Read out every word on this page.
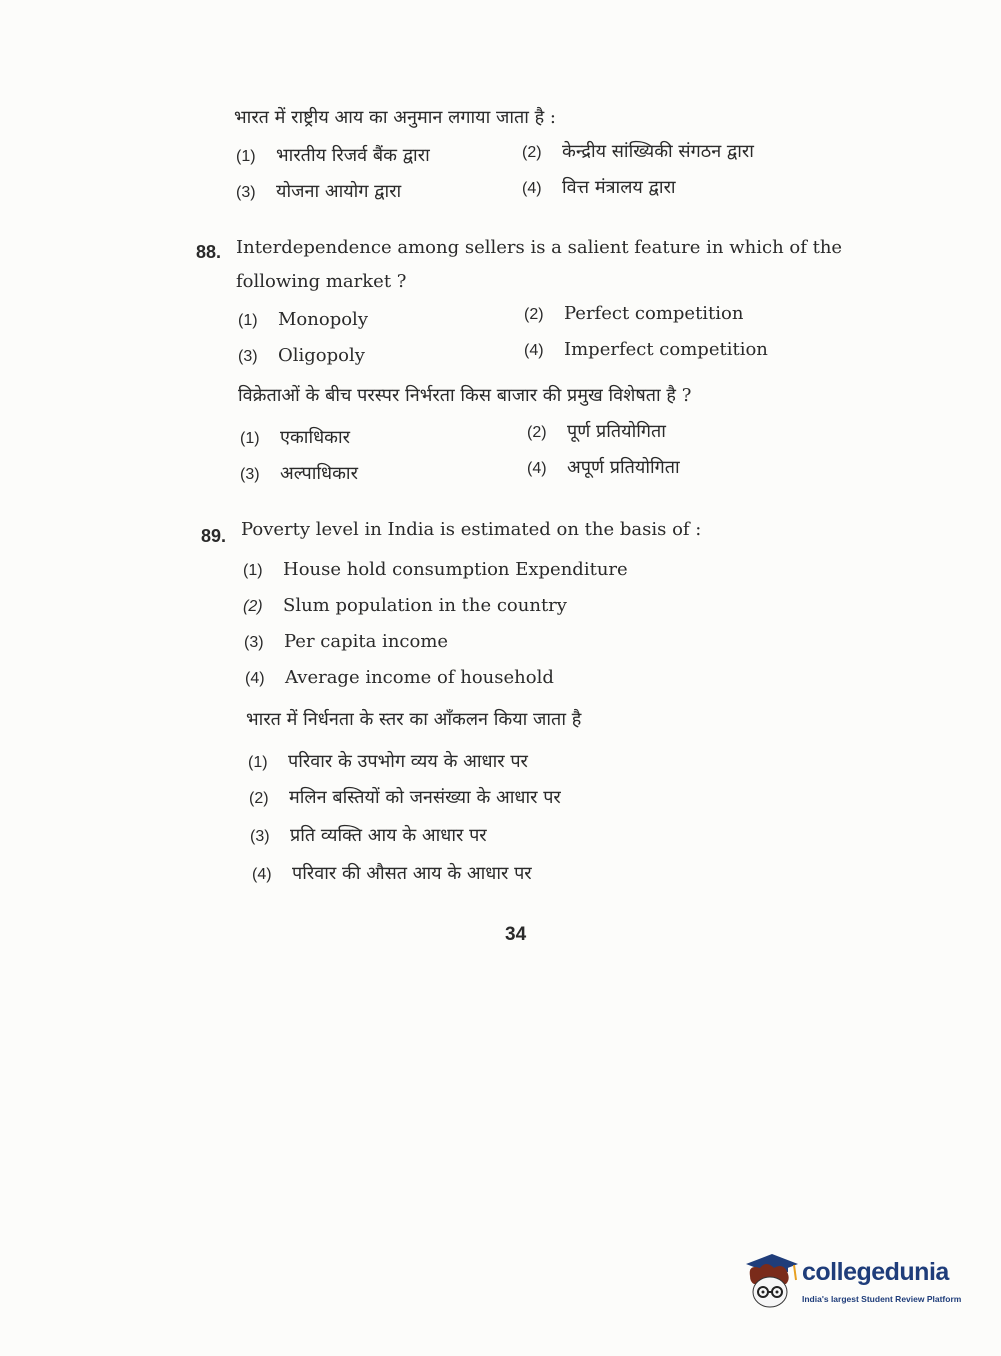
भारत में राष्ट्रीय आय का अनुमान लगाया जाता है :
(1) भारतीय रिजर्व बैंक द्वारा	(2) केन्द्रीय सांख्यिकी संगठन द्वारा
(3) योजना आयोग द्वारा	(4) वित्त मंत्रालय द्वारा
88. Interdependence among sellers is a salient feature in which of the
following market ?
(1) Monopoly	(2) Perfect competition
(3) Oligopoly	(4) Imperfect competition
विक्रेताओं के बीच परस्पर निर्भरता किस बाजार की प्रमुख विशेषता है ?
(1) एकाधिकार	(2) पूर्ण प्रतियोगिता
(3) अल्पाधिकार	(4) अपूर्ण प्रतियोगिता
89. Poverty level in India is estimated on the basis of :
(1) House hold consumption Expenditure
(2) Slum population in the country
(3) Per capita income
(4) Average income of household
भारत में निर्धनता के स्तर का आँकलन किया जाता है
(1) परिवार के उपभोग व्यय के आधार पर
(2) मलिन बस्तियों को जनसंख्या के आधार पर
(3) प्रति व्यक्ति आय के आधार पर
(4) परिवार की औसत आय के आधार पर
34
collegedunia
India's largest Student Review Platform
